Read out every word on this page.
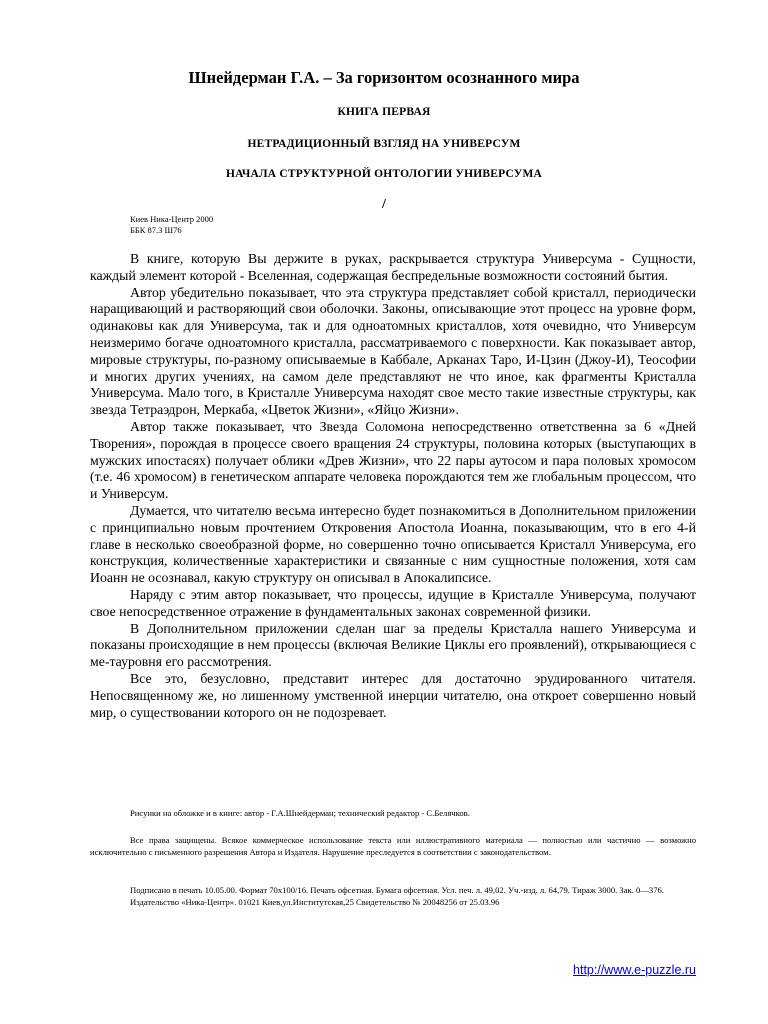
Шнейдерман Г.А. – За горизонтом осознанного мира
КНИГА ПЕРВАЯ
НЕТРАДИЦИОННЫЙ ВЗГЛЯД НА УНИВЕРСУМ
НАЧАЛА СТРУКТУРНОЙ ОНТОЛОГИИ УНИВЕРСУМА
/
Киев Ника-Центр 2000
ББК 87.3 Ш76

В книге, которую Вы держите в руках, раскрывается структура Универсума - Сущности, каждый элемент которой - Вселенная, содержащая беспредельные возможности состояний бытия.

Автор убедительно показывает, что эта структура представляет собой кристалл, периодически наращивающий и растворяющий свои оболочки. Законы, описывающие этот процесс на уровне форм, одинаковы как для Универсума, так и для одноатомных кристаллов, хотя очевидно, что Универсум неизмеримо богаче одноатомного кристалла, рассматриваемого с поверхности. Как показывает автор, мировые структуры, по-разному описываемые в Каббале, Арканах Таро, И-Цзин (Джоу-И), Теософии и многих других учениях, на самом деле представляют не что иное, как фрагменты Кристалла Универсума. Мало того, в Кристалле Универсума находят свое место такие известные структуры, как звезда Тетраэдрон, Меркаба, «Цветок Жизни», «Яйцо Жизни».

Автор также показывает, что Звезда Соломона непосредственно ответственна за 6 «Дней Творения», порождая в процессе своего вращения 24 структуры, половина которых (выступающих в мужских ипостасях) получает облики «Древ Жизни», что 22 пары аутосом и пара половых хромосом (т.е. 46 хромосом) в генетическом аппарате человека порождаются тем же глобальным процессом, что и Универсум.

Думается, что читателю весьма интересно будет познакомиться в Дополнительном приложении с принципиально новым прочтением Откровения Апостола Иоанна, показывающим, что в его 4-й главе в несколько своеобразной форме, но совершенно точно описывается Кристалл Универсума, его конструкция, количественные характеристики и связанные с ним сущностные положения, хотя сам Иоанн не осознавал, какую структуру он описывал в Апокалипсисе.

Наряду с этим автор показывает, что процессы, идущие в Кристалле Универсума, получают свое непосредственное отражение в фундаментальных законах современной физики.

В Дополнительном приложении сделан шаг за пределы Кристалла нашего Универсума и показаны происходящие в нем процессы (включая Великие Циклы его проявлений), открывающиеся с ме-тауровня его рассмотрения.

Все это, безусловно, представит интерес для достаточно эрудированного читателя. Непосвященному же, но лишенному умственной инерции читателю, она откроет совершенно новый мир, о существовании которого он не подозревает.

Рисунки на обложке и в книге: автор - Г.А.Шнейдерман; технический редактор - С.Белячков.

Все права защищены. Всякое коммерческое использование текста или иллюстративного материала — полностью или частично — возможно исключительно с письменного разрешения Автора и Издателя. Нарушение преследуется в соответствии с законодательством.

Подписано в печать 10.05.00. Формат 70х100/16. Печать офсетная. Бумага офсетная. Усл. печ. л. 49,02. Уч.-изд. л. 64,79. Тираж 3000. Зак. 0—376.

Издательство «Ника-Центр». 01021 Киев,ул.Институтская,25 Свидетельство № 20048256 от 25.03.96

http://www.e-puzzle.ru
